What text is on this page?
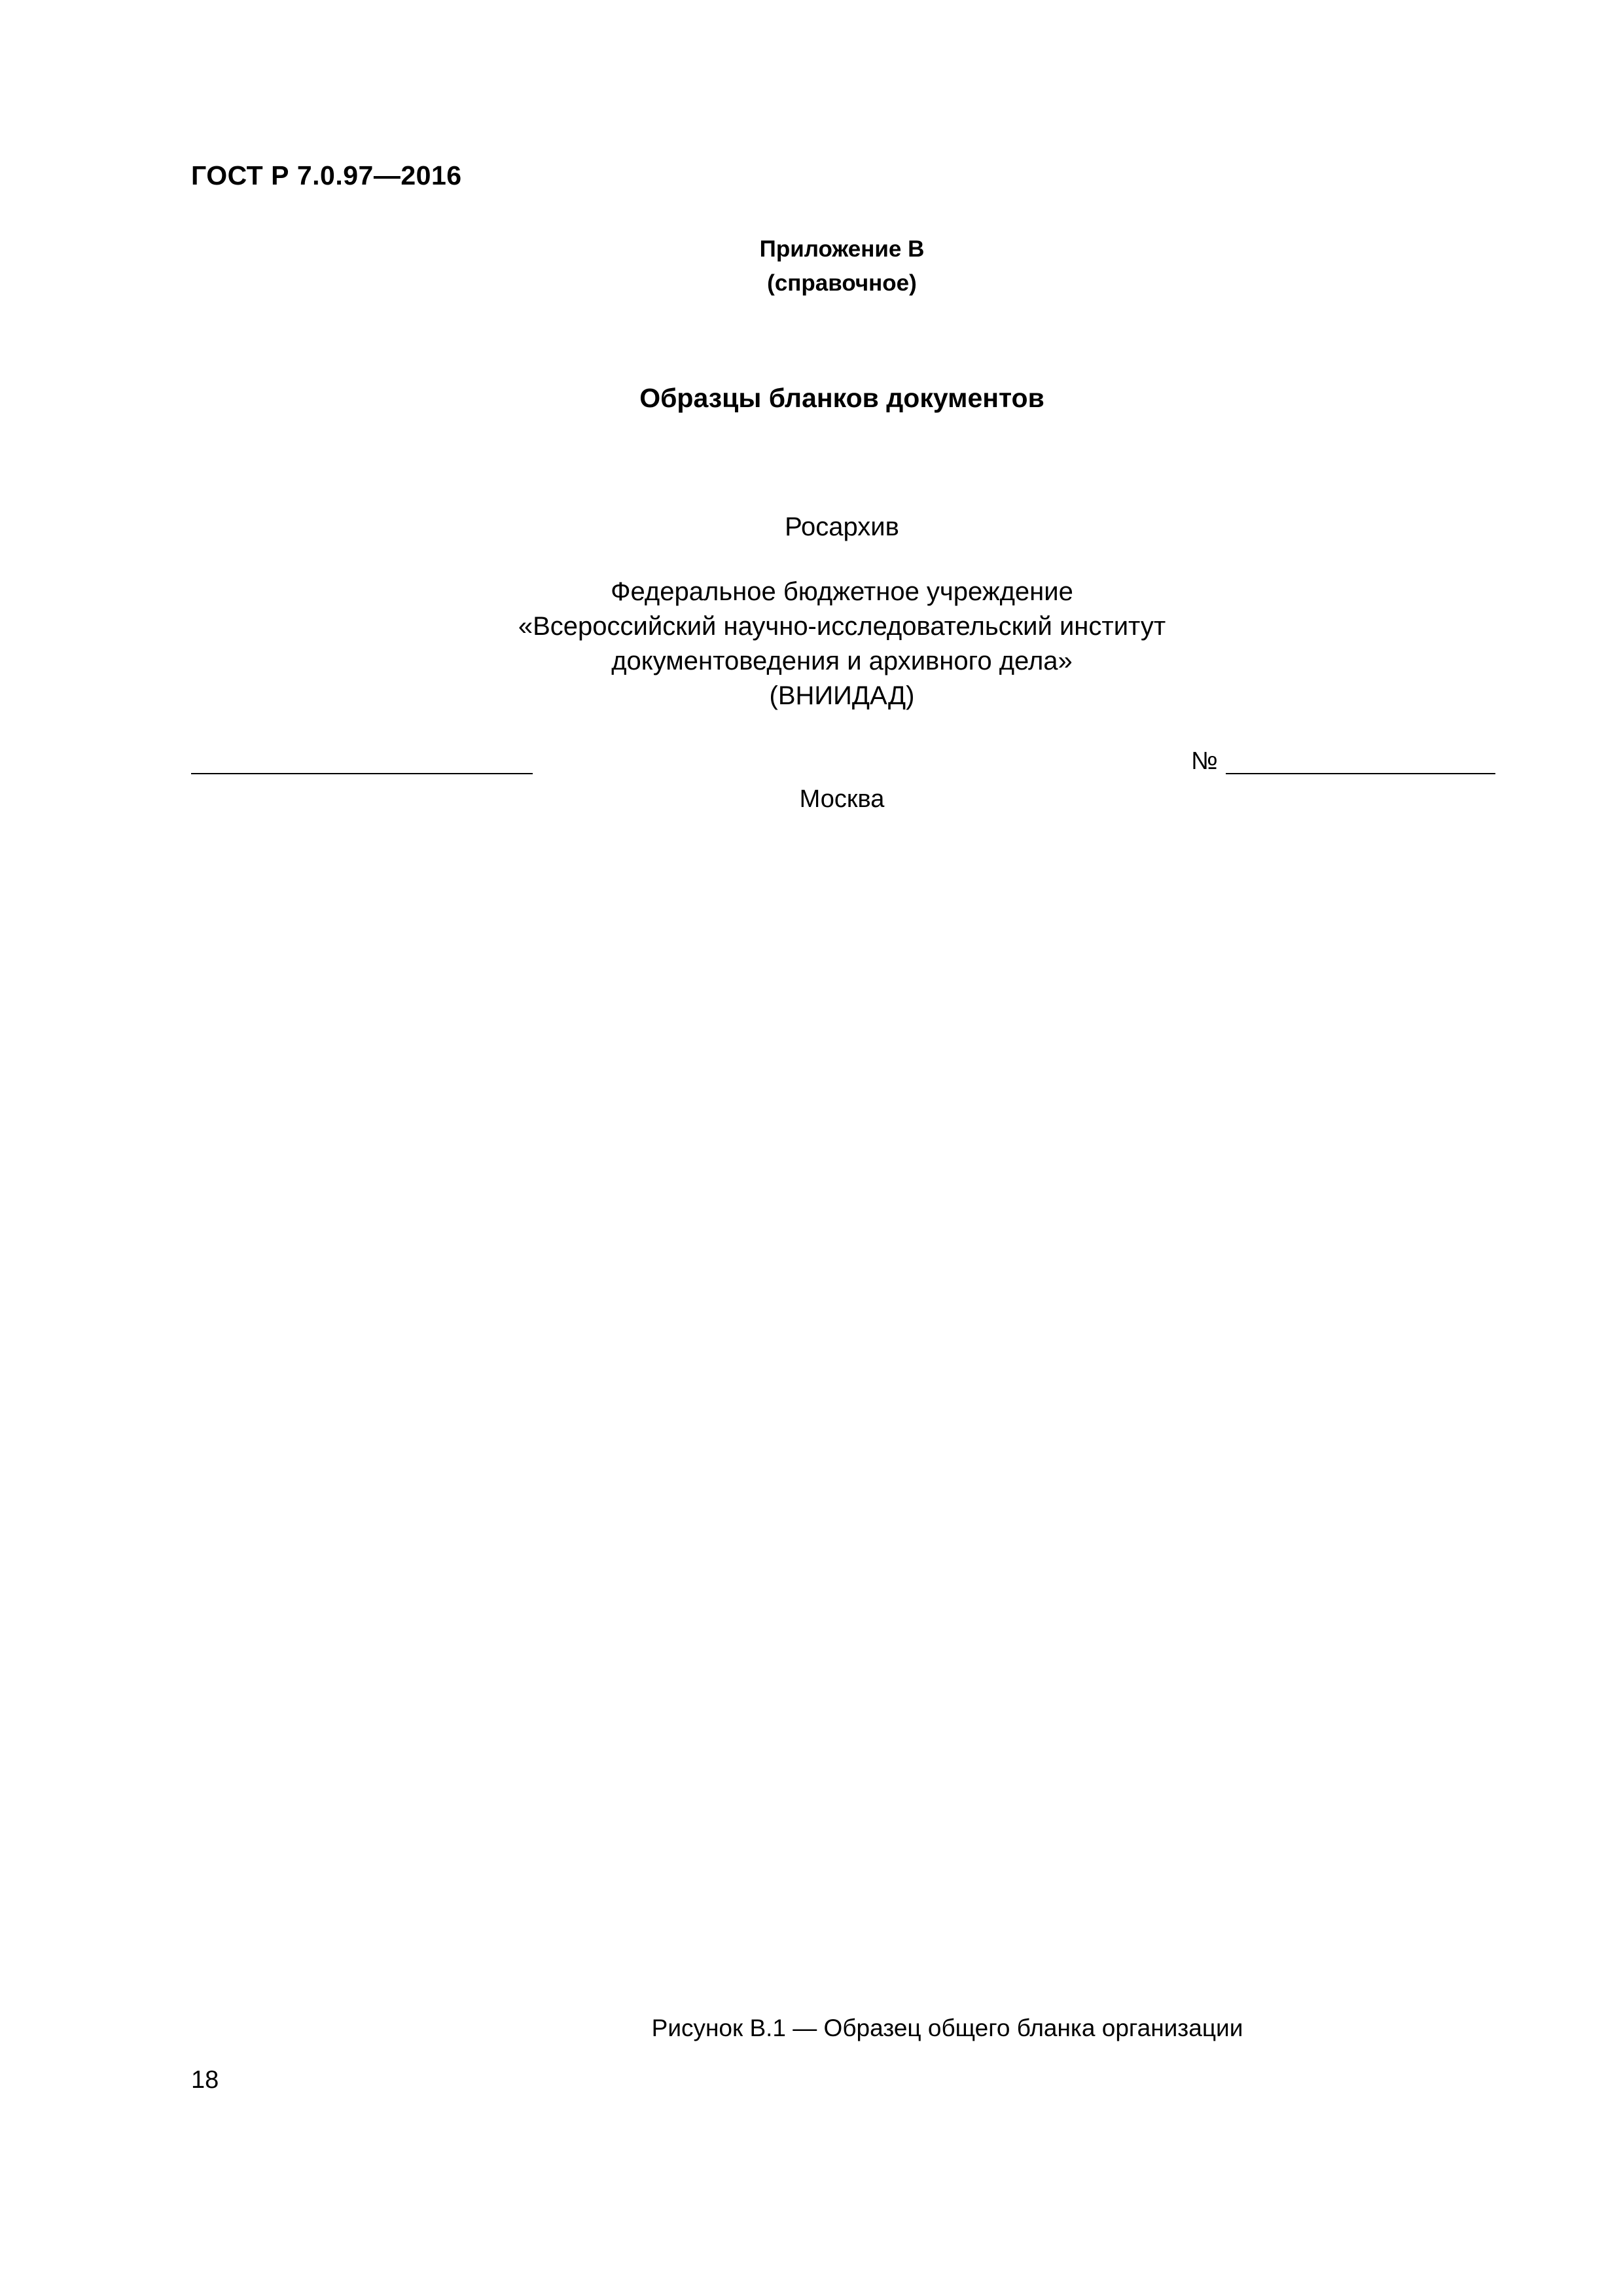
ГОСТ Р 7.0.97—2016
Приложение В
(справочное)
Образцы бланков документов
Росархив
Федеральное бюджетное учреждение
«Всероссийский научно-исследовательский институт
документоведения и архивного дела»
(ВНИИДАД)
№
Москва
Рисунок В.1 — Образец общего бланка организации
18
